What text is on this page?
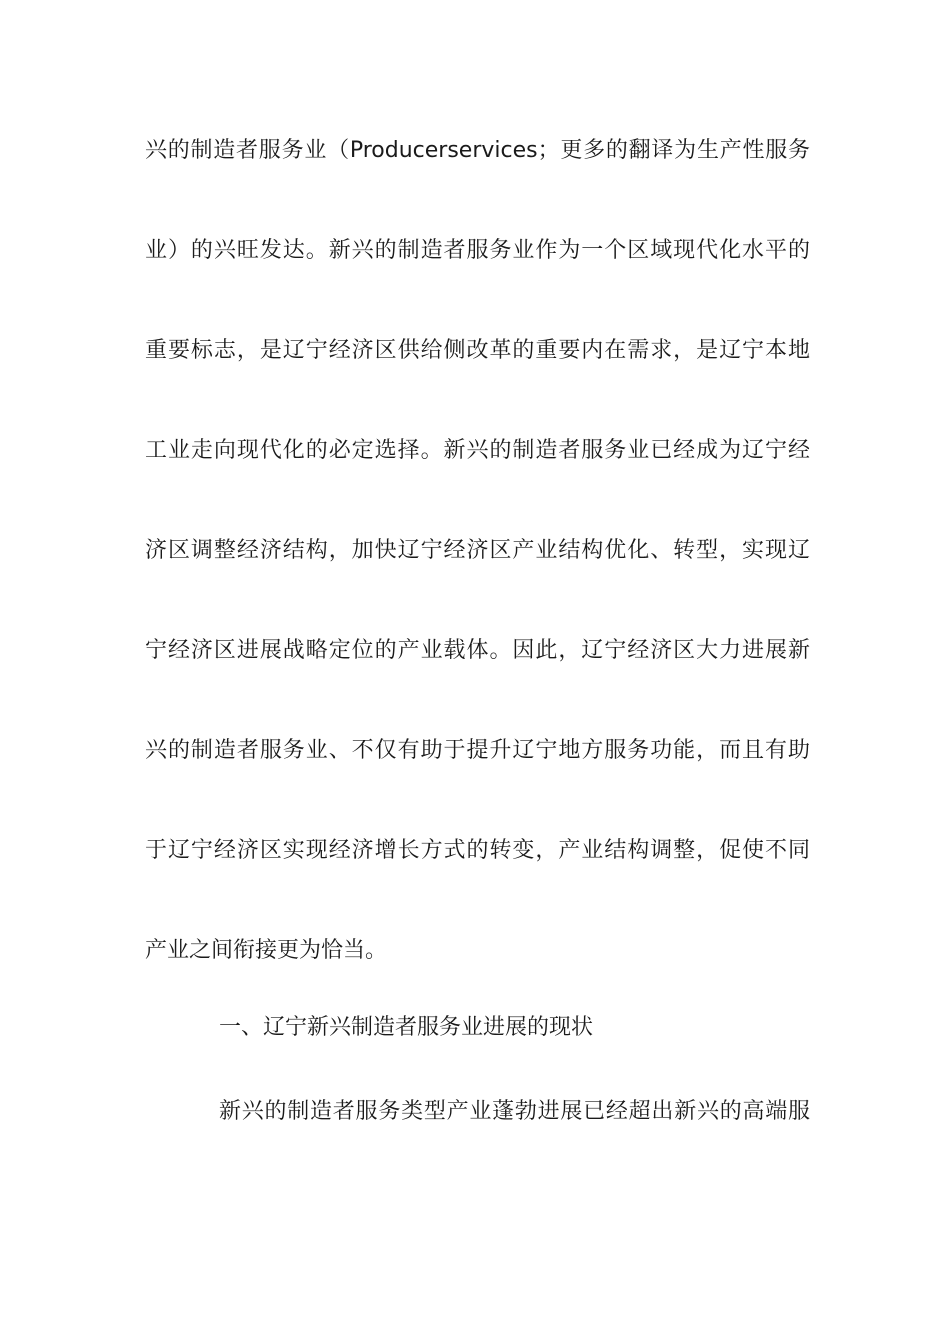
兴的制造者服务业（Producerservices；更多的翻译为生产性服务
业）的兴旺发达。新兴的制造者服务业作为一个区域现代化水平的
重要标志，是辽宁经济区供给侧改革的重要内在需求，是辽宁本地
工业走向现代化的必定选择。新兴的制造者服务业已经成为辽宁经
济区调整经济结构，加快辽宁经济区产业结构优化、转型，实现辽
宁经济区进展战略定位的产业载体。因此，辽宁经济区大力进展新
兴的制造者服务业、不仅有助于提升辽宁地方服务功能，而且有助
于辽宁经济区实现经济增长方式的转变，产业结构调整，促使不同
产业之间衔接更为恰当。
一、辽宁新兴制造者服务业进展的现状
新兴的制造者服务类型产业蓬勃进展已经超出新兴的高端服
